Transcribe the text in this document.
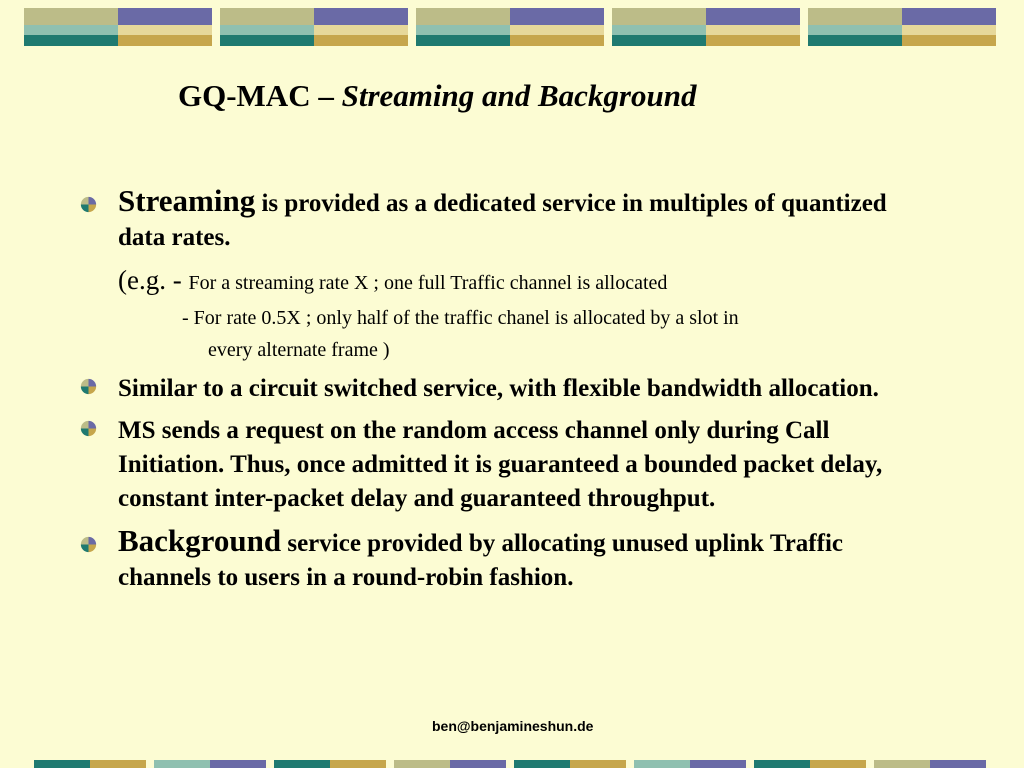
GQ-MAC – Streaming and Background
Streaming is provided as a dedicated service in multiples of quantized data rates.
(e.g. - For a streaming rate X ; one full Traffic channel is allocated
- For rate 0.5X ; only half of the traffic chanel is allocated by a slot in
every alternate frame )
Similar to a circuit switched service, with flexible bandwidth allocation.
MS sends a request on the random access channel only during Call Initiation. Thus, once admitted it is guaranteed a bounded packet delay, constant inter-packet delay and guaranteed throughput.
Background service provided by allocating unused uplink Traffic channels to users in a round-robin fashion.
ben@benjamineshun.de
